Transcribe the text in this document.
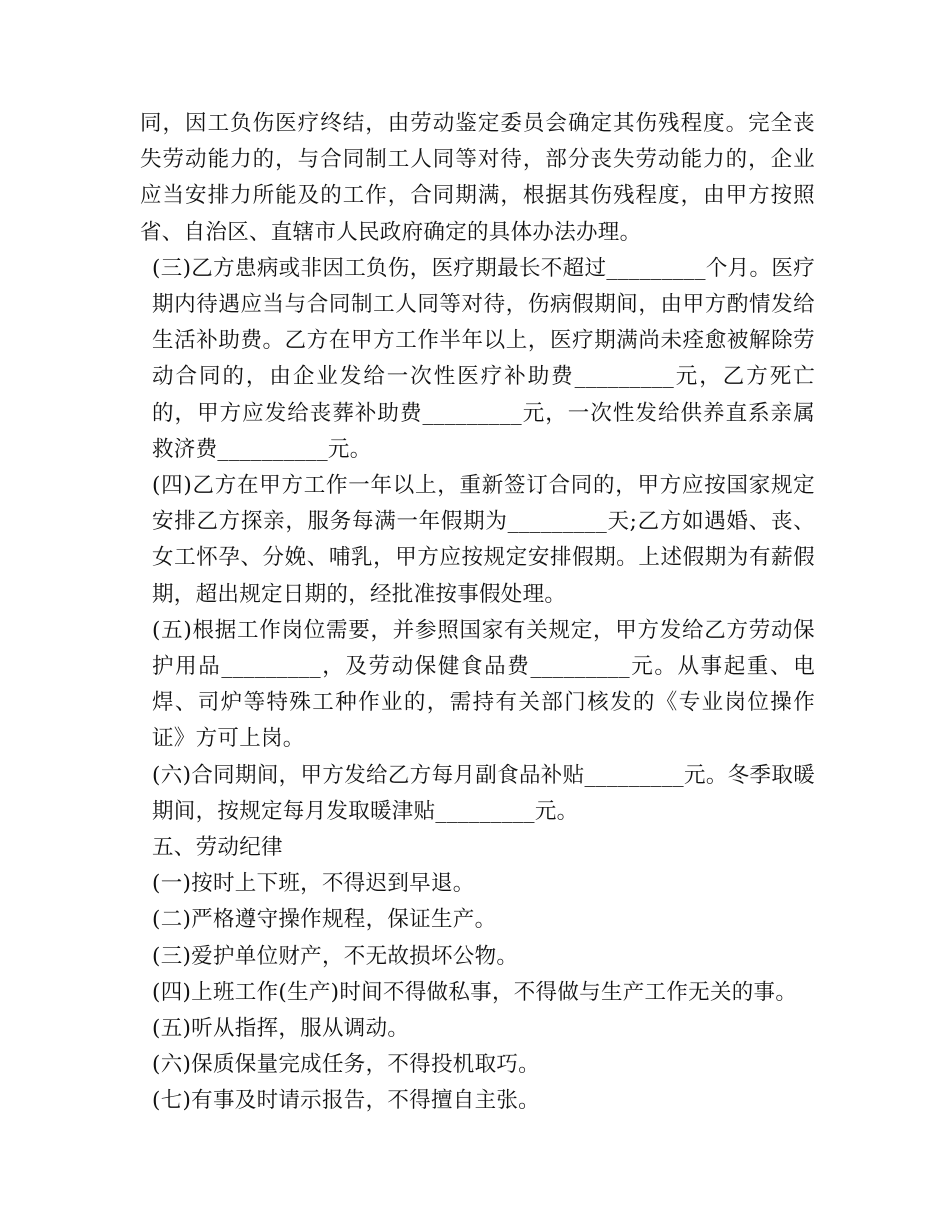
同，因工负伤医疗终结，由劳动鉴定委员会确定其伤残程度。完全丧失劳动能力的，与合同制工人同等对待，部分丧失劳动能力的，企业应当安排力所能及的工作，合同期满，根据其伤残程度，由甲方按照省、自治区、直辖市人民政府确定的具体办法办理。

(三)乙方患病或非因工负伤，医疗期最长不超过_________个月。医疗期内待遇应当与合同制工人同等对待，伤病假期间，由甲方酌情发给生活补助费。乙方在甲方工作半年以上，医疗期满尚未痊愈被解除劳动合同的，由企业发给一次性医疗补助费_________元，乙方死亡的，甲方应发给丧葬补助费_________元，一次性发给供养直系亲属救济费__________元。

(四)乙方在甲方工作一年以上，重新签订合同的，甲方应按国家规定安排乙方探亲，服务每满一年假期为_________天;乙方如遇婚、丧、女工怀孕、分娩、哺乳，甲方应按规定安排假期。上述假期为有薪假期，超出规定日期的，经批准按事假处理。

(五)根据工作岗位需要，并参照国家有关规定，甲方发给乙方劳动保护用品_________，及劳动保健食品费_________元。从事起重、电焊、司炉等特殊工种作业的，需持有关部门核发的《专业岗位操作证》方可上岗。

(六)合同期间，甲方发给乙方每月副食品补贴_________元。冬季取暖期间，按规定每月发取暖津贴_________元。

五、劳动纪律

(一)按时上下班，不得迟到早退。

(二)严格遵守操作规程，保证生产。

(三)爱护单位财产，不无故损坏公物。

(四)上班工作(生产)时间不得做私事，不得做与生产工作无关的事。

(五)听从指挥，服从调动。

(六)保质保量完成任务，不得投机取巧。

(七)有事及时请示报告，不得擅自主张。
